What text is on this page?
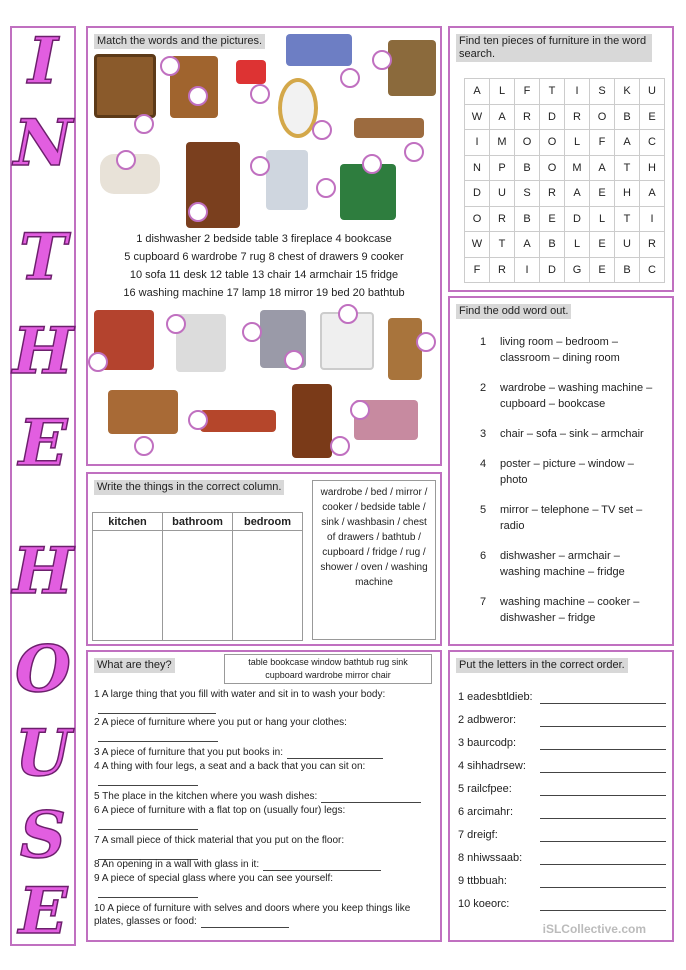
I
N
T
H
E
H
O
U
S
E
Match the words and the pictures.
1 dishwasher 2 bedside table 3 fireplace 4 bookcase
5 cupboard 6 wardrobe 7 rug 8 chest of drawers 9 cooker
10 sofa 11 desk 12 table 13 chair 14 armchair 15 fridge
16 washing machine 17 lamp 18 mirror 19 bed 20 bathtub
Find ten pieces of furniture in the word search.
A	L	F	T	I	S	K	U
W	A	R	D	R	O	B	E
I	M	O	O	L	F	A	C
N	P	B	O	M	A	T	H
D	U	S	R	A	E	H	A
O	R	B	E	D	L	T	I
W	T	A	B	L	E	U	R
F	R	I	D	G	E	B	C
Find the odd word out.
1	living room – bedroom – classroom – dining room
2	wardrobe – washing machine – cupboard – bookcase
3	chair – sofa – sink – armchair
4	poster – picture – window – photo
5	mirror – telephone – TV set – radio
6	dishwasher – armchair – washing machine – fridge
7	washing machine – cooker – dishwasher – fridge
Write the things in the correct column.
kitchen	bathroom	bedroom

wardrobe / bed / mirror / cooker / bedside table / sink / washbasin / chest of drawers / bathtub / cupboard / fridge / rug / shower / oven / washing machine
What are they?	table bookcase window bathtub rug sink cupboard wardrobe mirror chair
1 A large thing that you fill with water and sit in to wash your body:
2 A piece of furniture where you put or hang your clothes:
3 A piece of furniture that you put books in:
4 A thing with four legs, a seat and a back that you can sit on:
5 The place in the kitchen where you wash dishes:
6 A piece of furniture with a flat top on (usually four) legs:
7 A small piece of thick material that you put on the floor:
8 An opening in a wall with glass in it:
9 A piece of special glass where you can see yourself:
10 A piece of furniture with selves and doors where you keep things like plates, glasses or food:
Put the letters in the correct order.
1 eadesbtldieb:
2 adbweror:
3 baurcodp:
4 sihhadrsew:
5 railcfpee:
6 arcimahr:
7 dreigf:
8 nhiwssaab:
9 ttbbuah:
10 koeorc:
iSLCollective.com
